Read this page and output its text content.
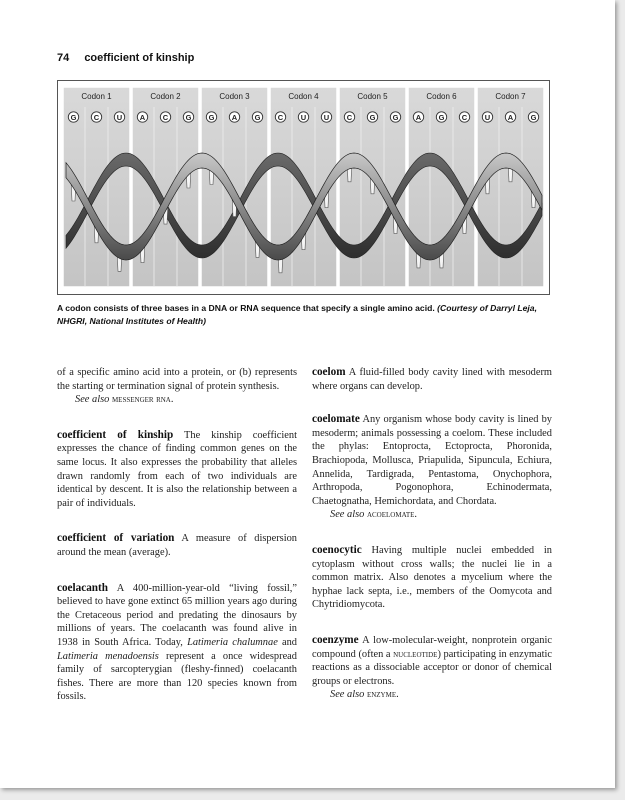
74 coefficient of kinship
Codon 1
G C U
Codon 2
A C G
Codon 3
G A G
Codon 4
C U U
Codon 5
C G G
Codon 6
A G C
Codon 7
U A G
A codon consists of three bases in a DNA or RNA sequence that specify a single amino acid. (Courtesy of Darryl Leja, NHGRI, National Institutes of Health)

of a specific amino acid into a protein, or (b) represents the starting or termination signal of protein synthesis.
See also messenger rna.

coefficient of kinship The kinship coefficient expresses the chance of finding common genes on the same locus. It also expresses the probability that alleles drawn randomly from each of two individuals are identical by descent. It is also the relationship between a pair of individuals.

coefficient of variation A measure of dispersion around the mean (average).

coelacanth A 400-million-year-old “living fossil,” believed to have gone extinct 65 million years ago during the Cretaceous period and predating the dinosaurs by millions of years. The coelacanth was found alive in 1938 in South Africa. Today, Latimeria chalumnae and Latimeria menadoensis represent a once widespread family of sarcopterygian (fleshy-finned) coelacanth fishes. There are more than 120 species known from fossils.

coelom A fluid-filled body cavity lined with mesoderm where organs can develop.

coelomate Any organism whose body cavity is lined by mesoderm; animals possessing a coelom. These included the phylas: Entoprocta, Ectoprocta, Phoronida, Brachiopoda, Mollusca, Priapulida, Sipuncula, Echiura, Annelida, Tardigrada, Pentastoma, Onychophora, Arthropoda, Pogonophora, Echinodermata, Chaetognatha, Hemichordata, and Chordata.
See also acoelomate.

coenocytic Having multiple nuclei embedded in cytoplasm without cross walls; the nuclei lie in a common matrix. Also denotes a mycelium where the hyphae lack septa, i.e., members of the Oomycota and Chytridiomycota.

coenzyme A low-molecular-weight, nonprotein organic compound (often a nucleotide) participating in enzymatic reactions as a dissociable acceptor or donor of chemical groups or electrons.
See also enzyme.
